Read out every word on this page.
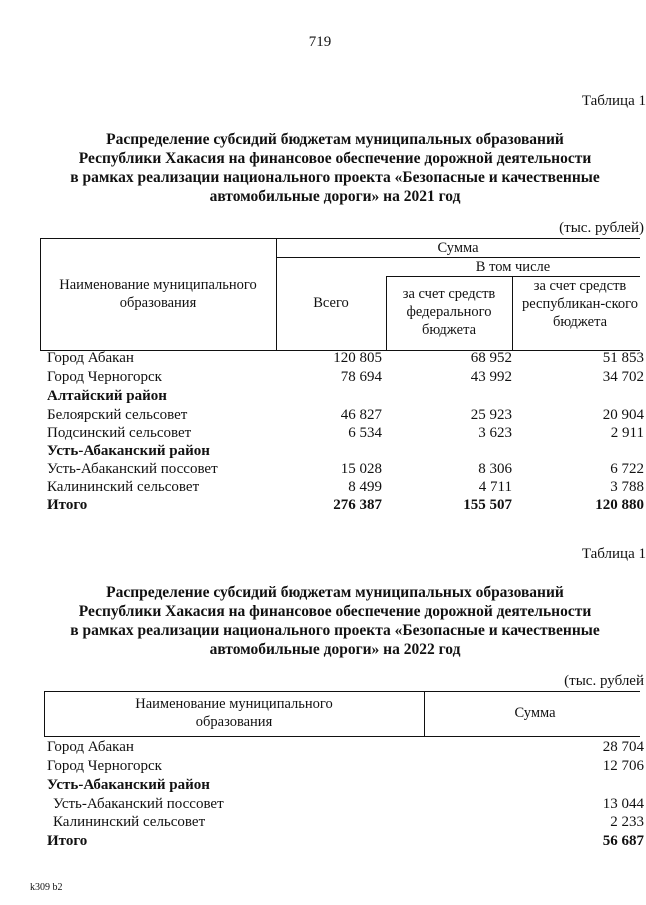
719
Таблица 1
Распределение субсидий бюджетам муниципальных образований
Республики Хакасия на финансовое обеспечение дорожной деятельности
в рамках реализации национального проекта «Безопасные и качественные
автомобильные дороги» на 2021 год
(тыс. рублей)
Наименование муниципального образования
Сумма
В том числе
Всего
за счет средств федерального бюджета
за счет средств республикан-ского бюджета
Город Абакан	120 805	68 952	51 853
Город Черногорск	78 694	43 992	34 702
Алтайский район
Белоярский сельсовет	46 827	25 923	20 904
Подсинский сельсовет	6 534	3 623	2 911
Усть-Абаканский район
Усть-Абаканский поссовет	15 028	8 306	6 722
Калининский сельсовет	8 499	4 711	3 788
Итого	276 387	155 507	120 880
Таблица 1
Распределение субсидий бюджетам муниципальных образований
Республики Хакасия на финансовое обеспечение дорожной деятельности
в рамках реализации национального проекта «Безопасные и качественные
автомобильные дороги» на 2022 год
(тыс. рублей
Наименование муниципального образования
Сумма
Город Абакан	28 704
Город Черногорск	12 706
Усть-Абаканский район
Усть-Абаканский поссовет	13 044
Калининский сельсовет	2 233
Итого	56 687
k309 b2
